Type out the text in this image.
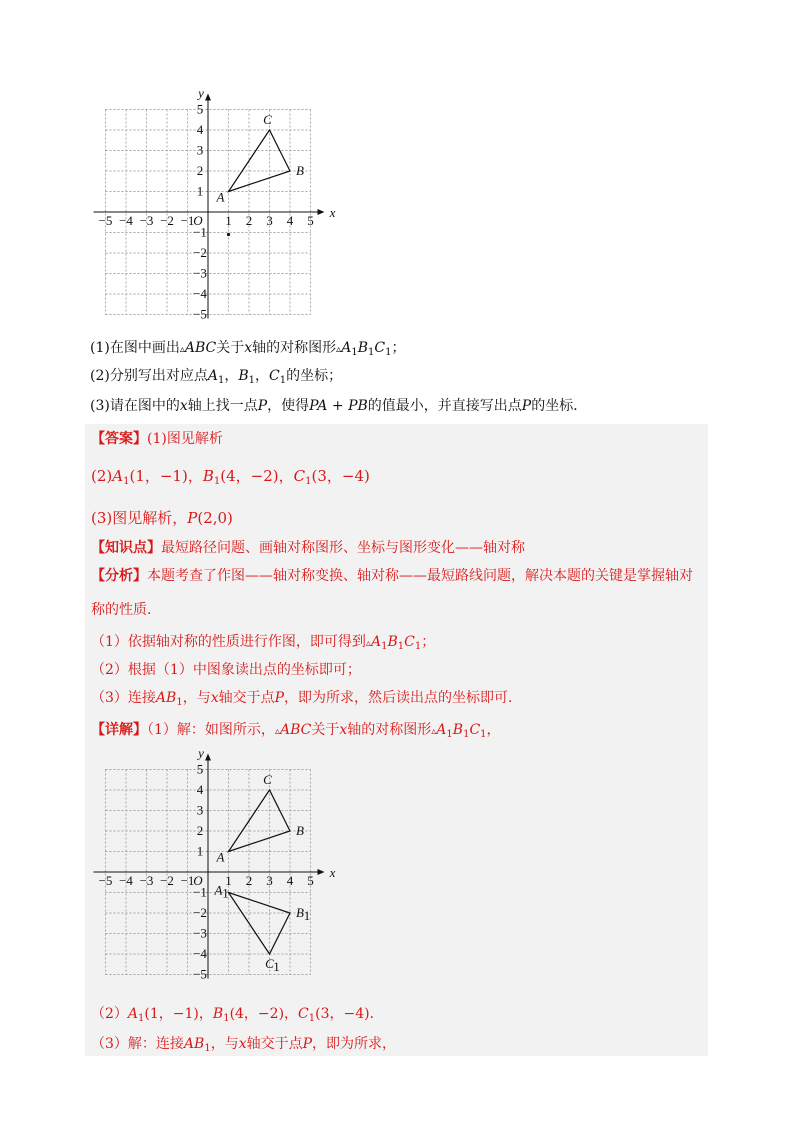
x
y
O
−5 −4 −3 −2 −1 1 2 3 4 5
1
2
3
4
5
−1
−2
−3
−4
−5
A
B
C
(1)在图中画出▵ABC关于x轴的对称图形$▵A_1B_1C_1$；
(2)分别写出对应点$A_1$，$B_1$，$C_1$的坐标；
(3)请在图中的x轴上找一点P，使得PA + PB的值最小，并直接写出点P的坐标．
【答案】(1)图见解析
$(2)A_1(1$，−1)，$B_1(4$，−2)，$C_1(3$，−4)
(3)图见解析，P(2,0)
【知识点】最短路径问题、画轴对称图形、坐标与图形变化——轴对称
【分析】本题考查了作图——轴对称变换、轴对称——最短路线问题，解决本题的关键是掌握轴对
称的性质．
（1）依据轴对称的性质进行作图，即可得到$▵A_1B_1C_1$；
（2）根据（1）中图象读出点的坐标即可；
（3）连接$AB_1$，与x轴交于点P，即为所求，然后读出点的坐标即可．
【详解】（1）解：如图所示，▵ABC关于x轴的对称图形$▵A_1B_1C_1$，
$(2)A_1(1$，−1)，$B_1(4$，−2)，$C_1(3$，−4)．
（3）解：连接$AB_1$，与x轴交于点P，即为所求，
x
y
O
−5 −4 −3 −2 −1 1 2 3 4 5
1
2
3
4
5
−1
−2
−3
−4
−5
A
B
C
A 1
B 1
C 1
